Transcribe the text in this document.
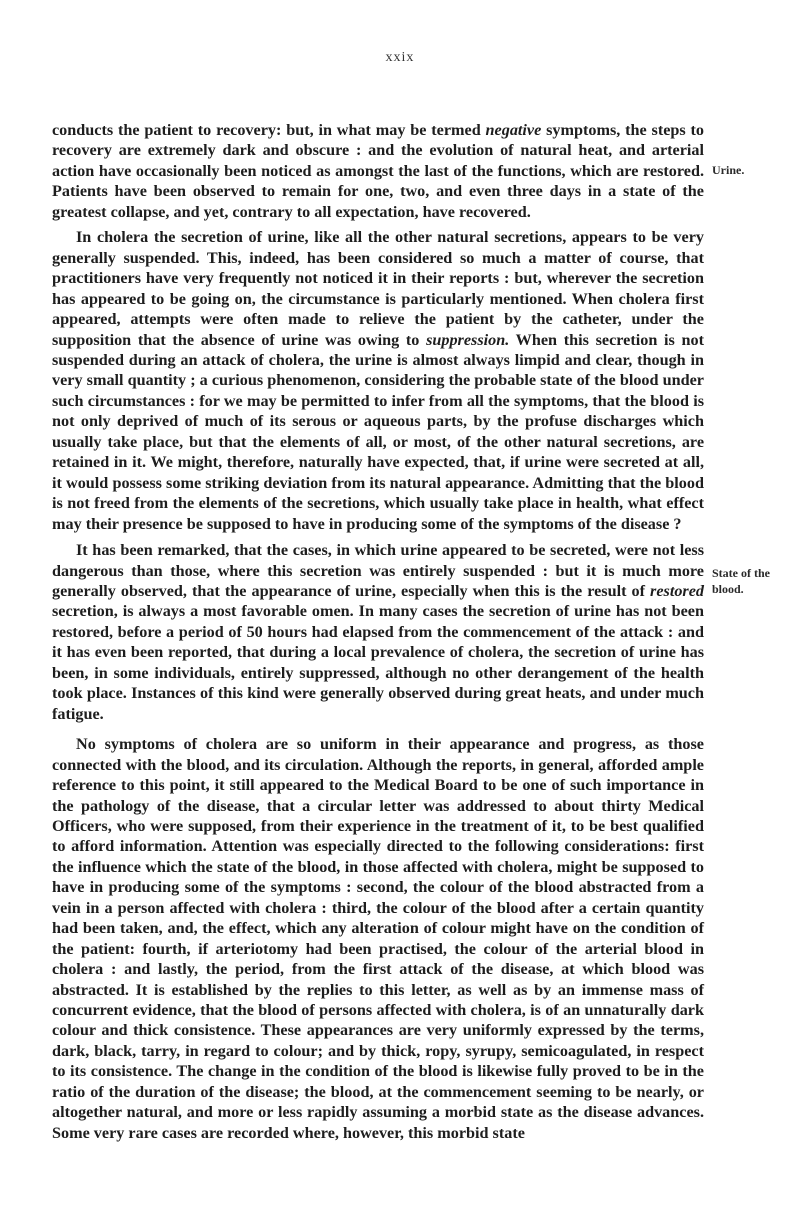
xxix
Urine.
State of the
blood.

conducts the patient to recovery: but, in what may be termed negative symptoms, the steps to recovery are extremely dark and obscure : and the evolution of natural heat, and arterial action have occasionally been noticed as amongst the last of the functions, which are restored. Patients have been observed to remain for one, two, and even three days in a state of the greatest collapse, and yet, contrary to all expectation, have recovered.

In cholera the secretion of urine, like all the other natural secretions, appears to be very generally suspended. This, indeed, has been considered so much a matter of course, that practitioners have very frequently not noticed it in their reports : but, wherever the secretion has appeared to be going on, the circumstance is particularly mentioned. When cholera first appeared, attempts were often made to relieve the patient by the catheter, under the supposition that the absence of urine was owing to suppression. When this secretion is not suspended during an attack of cholera, the urine is almost always limpid and clear, though in very small quantity ; a curious phenomenon, considering the probable state of the blood under such circumstances : for we may be permitted to infer from all the symptoms, that the blood is not only deprived of much of its serous or aqueous parts, by the profuse discharges which usually take place, but that the elements of all, or most, of the other natural secretions, are retained in it. We might, therefore, naturally have expected, that, if urine were secreted at all, it would possess some striking deviation from its natural appearance. Admitting that the blood is not freed from the elements of the secretions, which usually take place in health, what effect may their presence be supposed to have in producing some of the symptoms of the disease ?

It has been remarked, that the cases, in which urine appeared to be secreted, were not less dangerous than those, where this secretion was entirely suspended : but it is much more generally observed, that the appearance of urine, especially when this is the result of restored secretion, is always a most favorable omen. In many cases the secretion of urine has not been restored, before a period of 50 hours had elapsed from the commencement of the attack : and it has even been reported, that during a local prevalence of cholera, the secretion of urine has been, in some individuals, entirely suppressed, although no other derangement of the health took place. Instances of this kind were generally observed during great heats, and under much fatigue.

No symptoms of cholera are so uniform in their appearance and progress, as those connected with the blood, and its circulation. Although the reports, in general, afforded ample reference to this point, it still appeared to the Medical Board to be one of such importance in the pathology of the disease, that a circular letter was addressed to about thirty Medical Officers, who were supposed, from their experience in the treatment of it, to be best qualified to afford information. Attention was especially directed to the following considerations: first the influence which the state of the blood, in those affected with cholera, might be supposed to have in producing some of the symptoms : second, the colour of the blood abstracted from a vein in a person affected with cholera : third, the colour of the blood after a certain quantity had been taken, and, the effect, which any alteration of colour might have on the condition of the patient: fourth, if arteriotomy had been practised, the colour of the arterial blood in cholera : and lastly, the period, from the first attack of the disease, at which blood was abstracted. It is established by the replies to this letter, as well as by an immense mass of concurrent evidence, that the blood of persons affected with cholera, is of an unnaturally dark colour and thick consistence. These appearances are very uniformly expressed by the terms, dark, black, tarry, in regard to colour; and by thick, ropy, syrupy, semicoagulated, in respect to its consistence. The change in the condition of the blood is likewise fully proved to be in the ratio of the duration of the disease; the blood, at the commencement seeming to be nearly, or altogether natural, and more or less rapidly assuming a morbid state as the disease advances. Some very rare cases are recorded where, however, this morbid state
